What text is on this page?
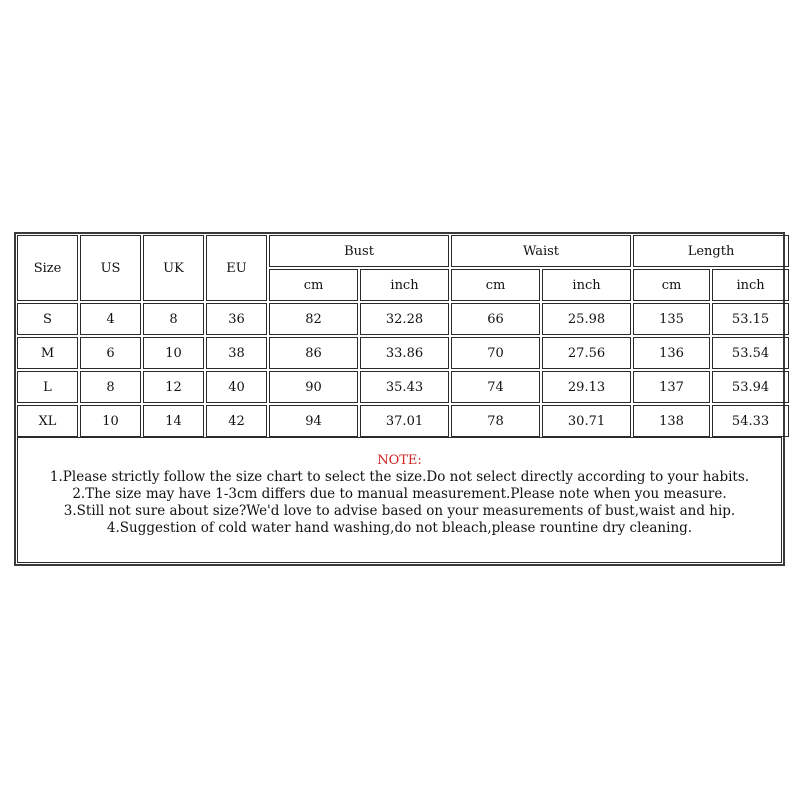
Size	US	UK	EU	Bust		Waist		Length	
				cm	inch	cm	inch	cm	inch
S	4	8	36	82	32.28	66	25.98	135	53.15
M	6	10	38	86	33.86	70	27.56	136	53.54
L	8	12	40	90	35.43	74	29.13	137	53.94
XL	10	14	42	94	37.01	78	30.71	138	54.33
NOTE:
1.Please strictly follow the size chart to select the size.Do not select directly according to your habits.
2.The size may have 1-3cm differs due to manual measurement.Please note when you measure.
3.Still not sure about size?We'd love to advise based on your measurements of bust,waist and hip.
4.Suggestion of cold water hand washing,do not bleach,please rountine dry cleaning.
